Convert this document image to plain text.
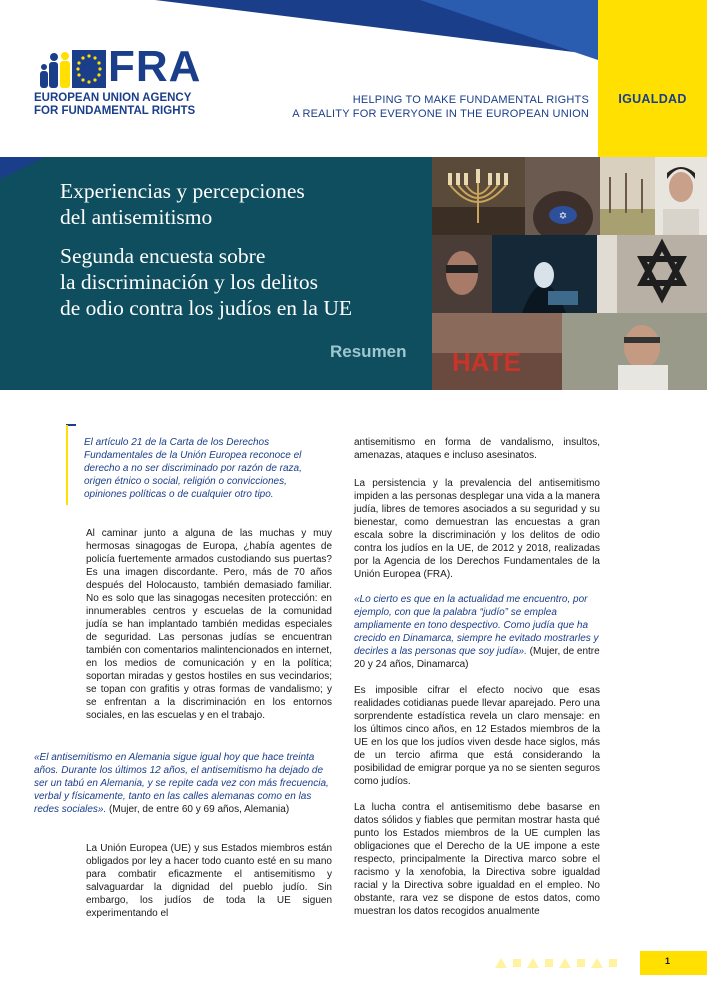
IGUALDAD
FRA
EUROPEAN UNION AGENCY
FOR FUNDAMENTAL RIGHTS
HELPING TO MAKE FUNDAMENTAL RIGHTS
A REALITY FOR EVERYONE IN THE EUROPEAN UNION
Experiencias y percepciones
del antisemitismo
Segunda encuesta sobre
la discriminación y los delitos
de odio contra los judíos en la UE
Resumen
✡
HATE
El artículo 21 de la Carta de los Derechos Fundamentales de la Unión Europea reconoce el derecho a no ser discriminado por razón de raza, origen étnico o social, religión o convicciones, opiniones políticas o de cualquier otro tipo.
Al caminar junto a alguna de las muchas y muy hermosas sinagogas de Europa, ¿había agentes de policía fuertemente armados custodiando sus puertas? Es una imagen discordante. Pero, más de 70 años después del Holocausto, también demasiado familiar. No es solo que las sinagogas necesiten protección: en innumerables centros y escuelas de la comunidad judía se han implantado también medidas especiales de seguridad. Las personas judías se encuentran también con comentarios malintencionados en internet, en los medios de comunicación y en la política; soportan miradas y gestos hostiles en sus vecindarios; se topan con grafitis y otras formas de vandalismo; y se enfrentan a la discriminación en los entornos sociales, en las escuelas y en el trabajo.
«El antisemitismo en Alemania sigue igual hoy que hace treinta años. Durante los últimos 12 años, el antisemitismo ha dejado de ser un tabú en Alemania, y se repite cada vez con más frecuencia, verbal y físicamente, tanto en las calles alemanas como en las redes sociales». (Mujer, de entre 60 y 69 años, Alemania)
La Unión Europea (UE) y sus Estados miembros están obligados por ley a hacer todo cuanto esté en su mano para combatir eficazmente el antisemitismo y salvaguardar la dignidad del pueblo judío. Sin embargo, los judíos de toda la UE siguen experimentando el
antisemitismo en forma de vandalismo, insultos, amenazas, ataques e incluso asesinatos.
La persistencia y la prevalencia del antisemitismo impiden a las personas desplegar una vida a la manera judía, libres de temores asociados a su seguridad y su bienestar, como demuestran las encuestas a gran escala sobre la discriminación y los delitos de odio contra los judíos en la UE, de 2012 y 2018, realizadas por la Agencia de los Derechos Fundamentales de la Unión Europea (FRA).
«Lo cierto es que en la actualidad me encuentro, por ejemplo, con que la palabra “judío” se emplea ampliamente en tono despectivo. Como judía que ha crecido en Dinamarca, siempre he evitado mostrarles y decirles a las personas que soy judía». (Mujer, de entre 20 y 24 años, Dinamarca)
Es imposible cifrar el efecto nocivo que esas realidades cotidianas puede llevar aparejado. Pero una sorprendente estadística revela un claro mensaje: en los últimos cinco años, en 12 Estados miembros de la UE en los que los judíos viven desde hace siglos, más de un tercio afirma que está considerando la posibilidad de emigrar porque ya no se sienten seguros como judíos.
La lucha contra el antisemitismo debe basarse en datos sólidos y fiables que permitan mostrar hasta qué punto los Estados miembros de la UE cumplen las obligaciones que el Derecho de la UE impone a este respecto, principalmente la Directiva marco sobre el racismo y la xenofobia, la Directiva sobre igualdad racial y la Directiva sobre igualdad en el empleo. No obstante, rara vez se dispone de estos datos, como muestran los datos recogidos anualmente
1
